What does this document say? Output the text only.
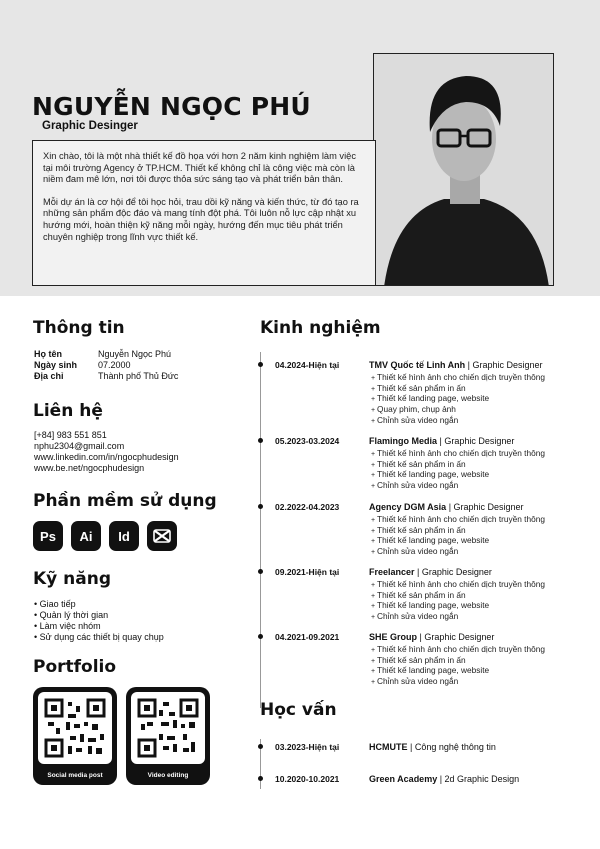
NGUYỄN NGỌC PHÚ
Graphic Desinger

Xin chào, tôi là một nhà thiết kế đồ họa với hơn 2 năm kinh nghiệm làm việc tại môi trường Agency ở TP.HCM. Thiết kế không chỉ là công việc mà còn là niềm đam mê lớn, nơi tôi được thỏa sức sáng tạo và phát triển bản thân.

Mỗi dự án là cơ hội để tôi học hỏi, trau dồi kỹ năng và kiến thức, từ đó tạo ra những sản phẩm độc đáo và mang tính đột phá. Tôi luôn nỗ lực cập nhật xu hướng mới, hoàn thiện kỹ năng mỗi ngày, hướng đến mục tiêu phát triển chuyên nghiệp trong lĩnh vực thiết kế.

Thông tin
Họ tên	Nguyễn Ngọc Phú
Ngày sinh	07.2000
Địa chỉ	Thành phố Thủ Đức
Liên hệ
[+84] 983 551 851
nphu2304@gmail.com
www.linkedin.com/in/ngocphudesign
www.be.net/ngocphudesign
Phần mềm sử dụng
Ps	Ai	Id
Kỹ năng
• Giao tiếp
• Quản lý thời gian
• Làm việc nhóm
• Sử dụng các thiết bị quay chụp
Portfolio
Social media post	Video editing
Kinh nghiệm
04.2024-Hiện tại	TMV Quốc tế Linh Anh | Graphic Designer
+ Thiết kế hình ảnh cho chiến dịch truyền thông
+ Thiết kế sản phẩm in ấn
+ Thiết kế landing page, website
+ Quay phim, chụp ảnh
+ Chỉnh sửa video ngắn
05.2023-03.2024	Flamingo Media | Graphic Designer
+ Thiết kế hình ảnh cho chiến dịch truyền thông
+ Thiết kế sản phẩm in ấn
+ Thiết kế landing page, website
+ Chỉnh sửa video ngắn
02.2022-04.2023	Agency DGM Asia | Graphic Designer
+ Thiết kế hình ảnh cho chiến dịch truyền thông
+ Thiết kế sản phẩm in ấn
+ Thiết kế landing page, website
+ Chỉnh sửa video ngắn
09.2021-Hiện tại	Freelancer | Graphic Designer
+ Thiết kế hình ảnh cho chiến dịch truyền thông
+ Thiết kế sản phẩm in ấn
+ Thiết kế landing page, website
+ Chỉnh sửa video ngắn
04.2021-09.2021	SHE Group | Graphic Designer
+ Thiết kế hình ảnh cho chiến dịch truyền thông
+ Thiết kế sản phẩm in ấn
+ Thiết kế landing page, website
+ Chỉnh sửa video ngắn
Học vấn
03.2023-Hiện tại	HCMUTE | Công nghệ thông tin
10.2020-10.2021	Green Academy | 2d Graphic Design
